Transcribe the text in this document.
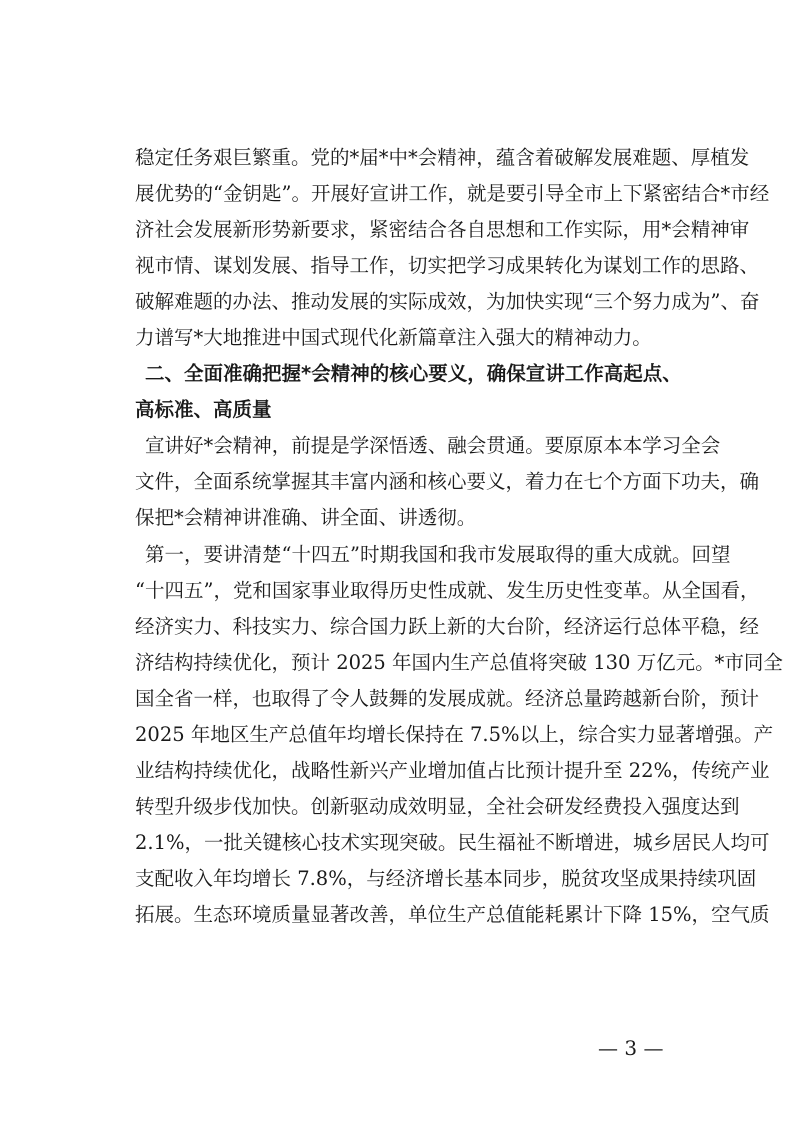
稳定任务艰巨繁重。党的*届*中*会精神，蕴含着破解发展难题、厚植发
展优势的“金钥匙”。开展好宣讲工作，就是要引导全市上下紧密结合*市经
济社会发展新形势新要求，紧密结合各自思想和工作实际，用*会精神审
视市情、谋划发展、指导工作，切实把学习成果转化为谋划工作的思路、
破解难题的办法、推动发展的实际成效，为加快实现“三个努力成为”、奋
力谱写*大地推进中国式现代化新篇章注入强大的精神动力。
二、全面准确把握*会精神的核心要义，确保宣讲工作高起点、
高标准、高质量
宣讲好*会精神，前提是学深悟透、融会贯通。要原原本本学习全会
文件，全面系统掌握其丰富内涵和核心要义，着力在七个方面下功夫，确
保把*会精神讲准确、讲全面、讲透彻。
第一，要讲清楚“十四五”时期我国和我市发展取得的重大成就。回望
“十四五”，党和国家事业取得历史性成就、发生历史性变革。从全国看，
经济实力、科技实力、综合国力跃上新的大台阶，经济运行总体平稳，经
济结构持续优化，预计 2025 年国内生产总值将突破 130 万亿元。*市同全
国全省一样，也取得了令人鼓舞的发展成就。经济总量跨越新台阶，预计
2025 年地区生产总值年均增长保持在 7.5%以上，综合实力显著增强。产
业结构持续优化，战略性新兴产业增加值占比预计提升至 22%，传统产业
转型升级步伐加快。创新驱动成效明显，全社会研发经费投入强度达到
2.1%，一批关键核心技术实现突破。民生福祉不断增进，城乡居民人均可
支配收入年均增长 7.8%，与经济增长基本同步，脱贫攻坚成果持续巩固
拓展。生态环境质量显著改善，单位生产总值能耗累计下降 15%，空气质
— 3 —
